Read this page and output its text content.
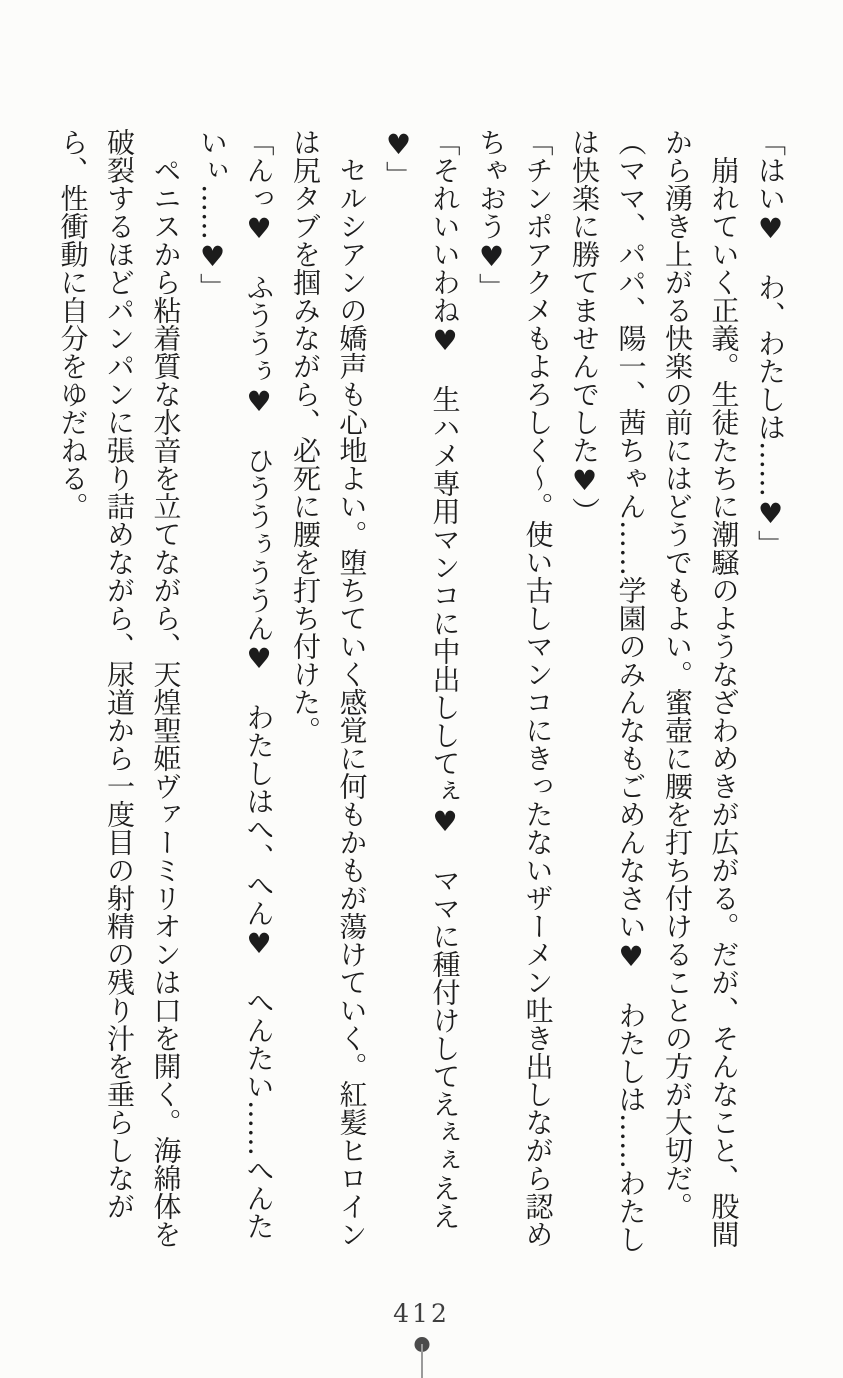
「はい♥　わ、わたしは……♥」

崩れていく正義。生徒たちに潮騒のようなざわめきが広がる。だが、そんなこと、股間から湧き上がる快楽の前にはどうでもよい。蜜壺に腰を打ち付けることの方が大切だ。

（ママ、パパ、陽一、茜ちゃん……学園のみんなもごめんなさい♥　わたしは……わたしは快楽に勝てませんでした♥）

「チンポアクメもよろしく～。使い古しマンコにきったないザーメン吐き出しながら認めちゃおう♥」

「それいいわね♥　生ハメ専用マンコに中出ししてぇ♥　ママに種付けしてえぇぇええ♥」

セルシアンの嬌声も心地よい。堕ちていく感覚に何もかもが蕩けていく。紅髪ヒロインは尻タブを掴みながら、必死に腰を打ち付けた。

「んっ♥　ふううぅ♥　ひううぅううん♥　わたしはへ、へん♥　へんたい……へんたいぃ……♥」

ペニスから粘着質な水音を立てながら、天煌聖姫ヴァーミリオンは口を開く。海綿体を破裂するほどパンパンに張り詰めながら、尿道から一度目の射精の残り汁を垂らしながら、性衝動に自分をゆだねる。

412
